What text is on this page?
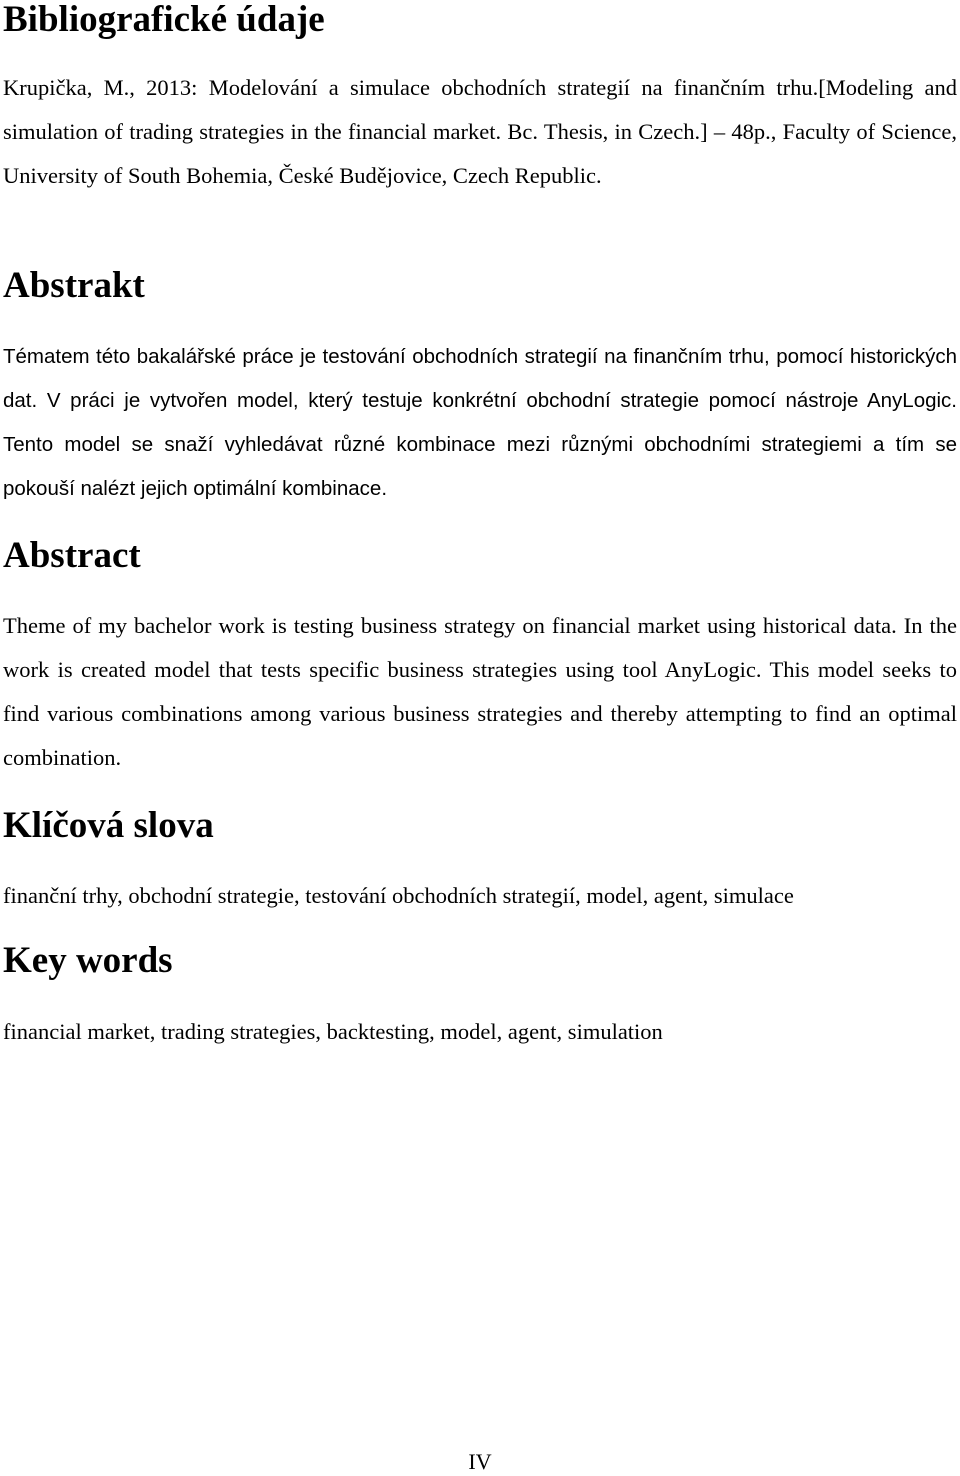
Bibliografické údaje

Krupička, M., 2013: Modelování a simulace obchodních strategií na finančním trhu.[Modeling and simulation of trading strategies in the financial market. Bc. Thesis, in Czech.] – 48p., Faculty of Science, University of South Bohemia, České Budějovice, Czech Republic.

Abstrakt

Tématem této bakalářské práce je testování obchodních strategií na finančním trhu, pomocí historických dat. V práci je vytvořen model, který testuje konkrétní obchodní strategie pomocí nástroje AnyLogic. Tento model se snaží vyhledávat různé kombinace mezi různými obchodními strategiemi a tím se pokouší nalézt jejich optimální kombinace.

Abstract

Theme of my bachelor work is testing business strategy on financial market using historical data. In the work is created model that tests specific business strategies using tool AnyLogic. This model seeks to find various combinations among various business strategies and thereby attempting to find an optimal combination.

Klíčová slova

finanční trhy, obchodní strategie, testování obchodních strategií, model, agent, simulace

Key words

financial market, trading strategies, backtesting, model, agent, simulation

IV
